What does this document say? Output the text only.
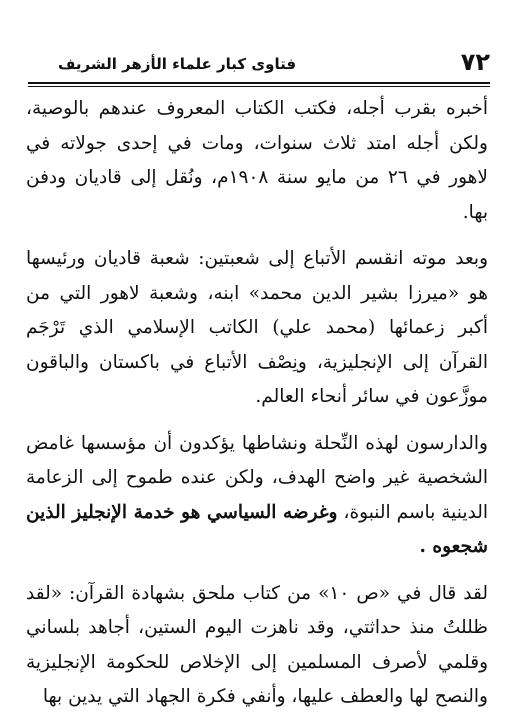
٧٢
فتاوى كبار علماء الأزهر الشريف

أخبره بقرب أجله، فكتب الكتاب المعروف عندهم بالوصية، ولكن أجله امتد ثلاث سنوات، ومات في إحدى جولاته في لاهور في ٢٦ من مايو سنة ١٩٠٨م، ونُقل إلى قاديان ودفن بها.

وبعد موته انقسم الأتباع إلى شعبتين: شعبة قاديان ورئيسها هو «ميرزا بشير الدين محمد» ابنه، وشعبة لاهور التي من أكبر زعمائها (محمد علي) الكاتب الإسلامي الذي تَرْجَم القرآن إلى الإنجليزية، ونِصْف الأتباع في باكستان والباقون موزَّعون في سائر أنحاء العالم.

والدارسون لهذه النِّحلة ونشاطها يؤكدون أن مؤسسها غامض الشخصية غير واضح الهدف، ولكن عنده طموح إلى الزعامة الدينية باسم النبوة، وغرضه السياسي هو خدمة الإنجليز الذين شجعوه .

لقد قال في «ص ١٠» من كتاب ملحق بشهادة القرآن: «لقد ظللتُ منذ حداثتي، وقد ناهزت اليوم الستين، أجاهد بلساني وقلمي لأصرف المسلمين إلى الإخلاص للحكومة الإنجليزية والنصح لها والعطف عليها، وأنفي فكرة الجهاد التي يدين بها
